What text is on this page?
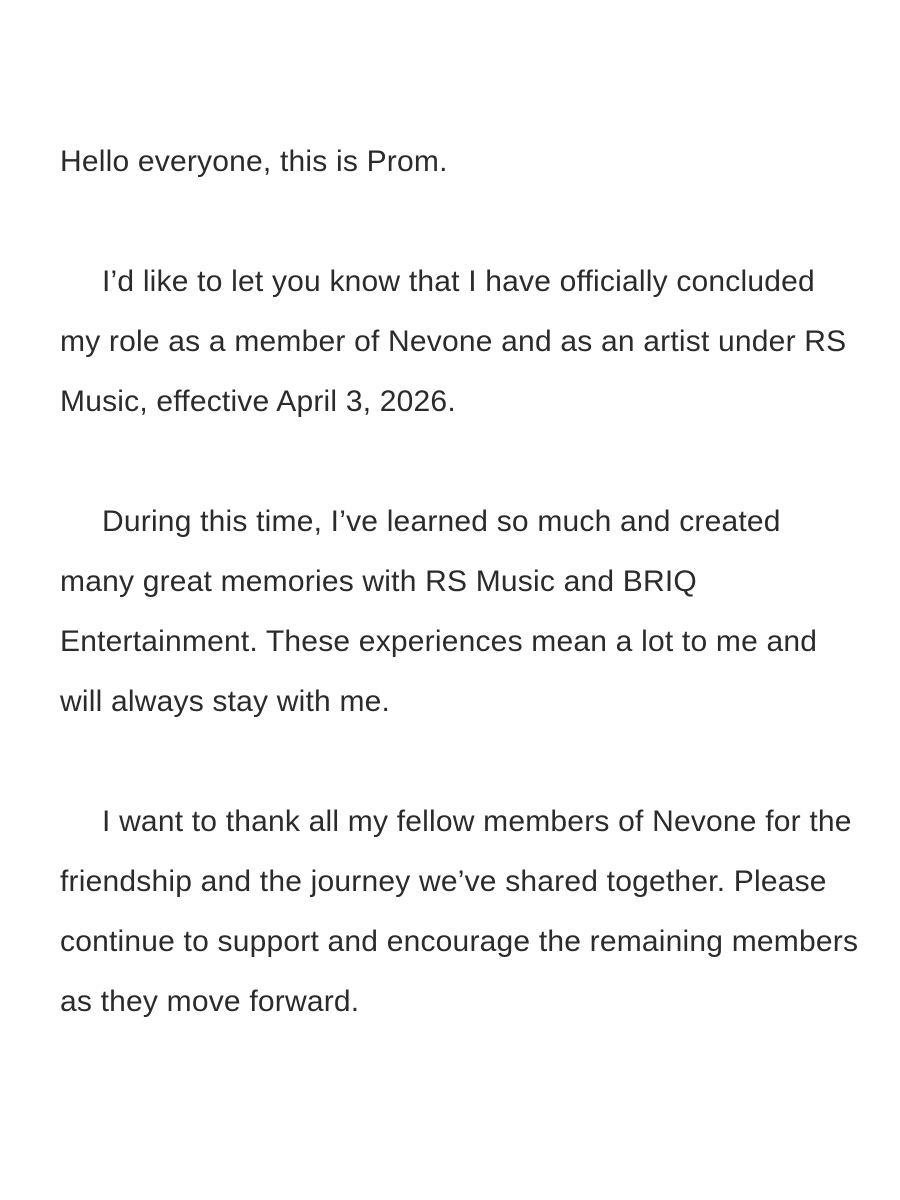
Hello everyone, this is Prom.

I’d like to let you know that I have officially concluded my role as a member of Nevone and as an artist under RS Music, effective April 3, 2026.

During this time, I’ve learned so much and created many great memories with RS Music and BRIQ Entertainment. These experiences mean a lot to me and will always stay with me.

I want to thank all my fellow members of Nevone for the friendship and the journey we’ve shared together. Please continue to support and encourage the remaining members as they move forward.
